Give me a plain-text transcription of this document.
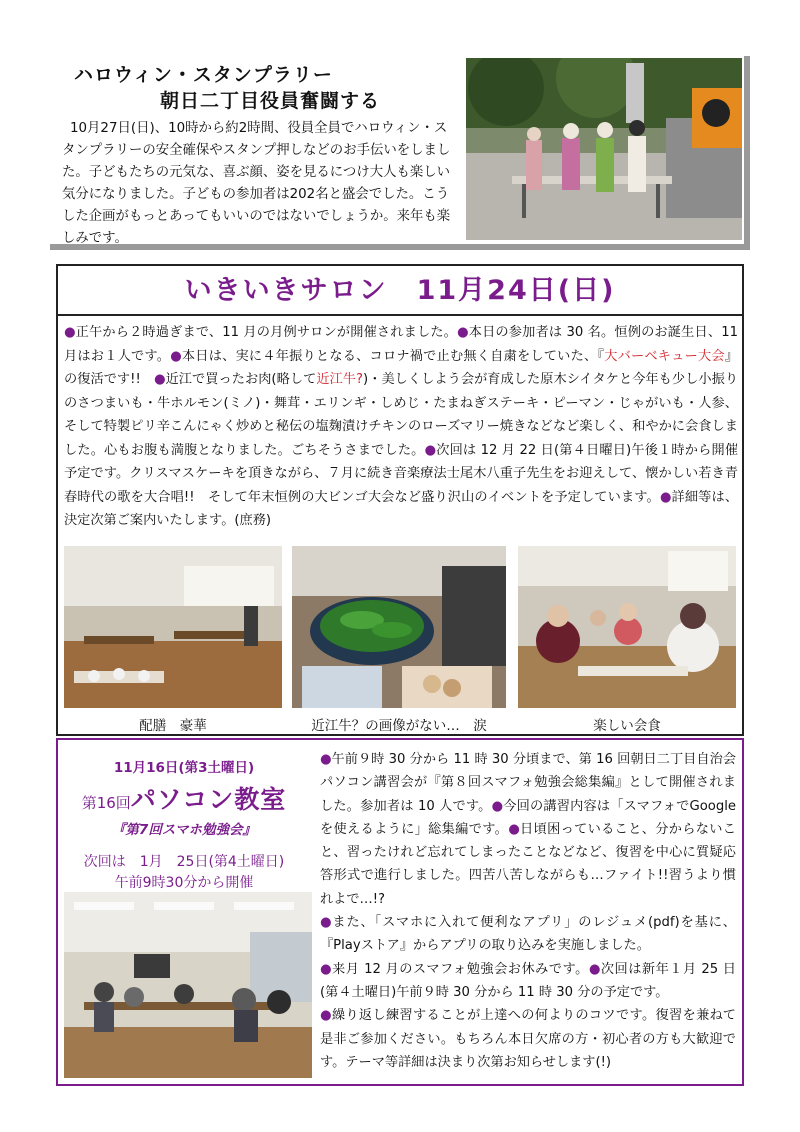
ハロウィン・スタンプラリー
朝日二丁目役員奮闘する
10月27日(日)、10時から約2時間、役員全員でハロウィン・スタンプラリーの安全確保やスタンプ押しなどのお手伝いをしました。子どもたちの元気な、喜ぶ顔、姿を見るにつけ大人も楽しい気分になりました。子どもの参加者は202名と盛会でした。こうした企画がもっとあってもいいのではないでしょうか。来年も楽しみです。
いきいきサロン　11月24日(日)
●正午から２時過ぎまで、11 月の月例サロンが開催されました。●本日の参加者は 30 名。恒例のお誕生日、11 月はお１人です。●本日は、実に４年振りとなる、コロナ禍で止む無く自粛をしていた、『大バーベキュー大会』の復活です!!　●近江で買ったお肉(略して近江牛?)・美しくしよう会が育成した原木シイタケと今年も少し小振りのさつまいも・牛ホルモン(ミノ)・舞茸・エリンギ・しめじ・たまねぎステーキ・ピーマン・じゃがいも・人参、そして特製ピリ辛こんにゃく炒めと秘伝の塩麹漬けチキンのローズマリー焼きなどなど楽しく、和やかに会食しました。心もお腹も満腹となりました。ごちそうさまでした。●次回は 12 月 22 日(第４日曜日)午後１時から開催予定です。クリスマスケーキを頂きながら、７月に続き音楽療法士尾木八重子先生をお迎えして、懐かしい若き青春時代の歌を大合唱!!　そして年末恒例の大ビンゴ大会など盛り沢山のイベントを予定しています。●詳細等は、決定次第ご案内いたします。(庶務)
配膳　豪華	近江牛？の画像がない…　涙	楽しい会食
11月16日(第3土曜日)
第16回パソコン教室
『第7回スマホ勉強会』
次回は　1月　25日(第4土曜日)
午前9時30分から開催
●午前９時 30 分から 11 時 30 分頃まで、第 16 回朝日二丁目自治会パソコン講習会が『第８回スマフォ勉強会総集編』として開催されました。参加者は 10 人です。●今回の講習内容は「スマフォでGoogleを使えるように」総集編です。●日頃困っていること、分からないこと、習ったけれど忘れてしまったことなどなど、復習を中心に質疑応答形式で進行しました。四苦八苦しながらも…ファイト!!習うより慣れよで…!?
●また、「スマホに入れて便利なアプリ」のレジュメ(pdf)を基に、『Playストア』からアプリの取り込みを実施しました。
●来月 12 月のスマフォ勉強会お休みです。●次回は新年１月 25 日(第４土曜日)午前９時 30 分から 11 時 30 分の予定です。
●繰り返し練習することが上達への何よりのコツです。復習を兼ねて是非ご参加ください。もちろん本日欠席の方・初心者の方も大歓迎です。テーマ等詳細は決まり次第お知らせします(!)
